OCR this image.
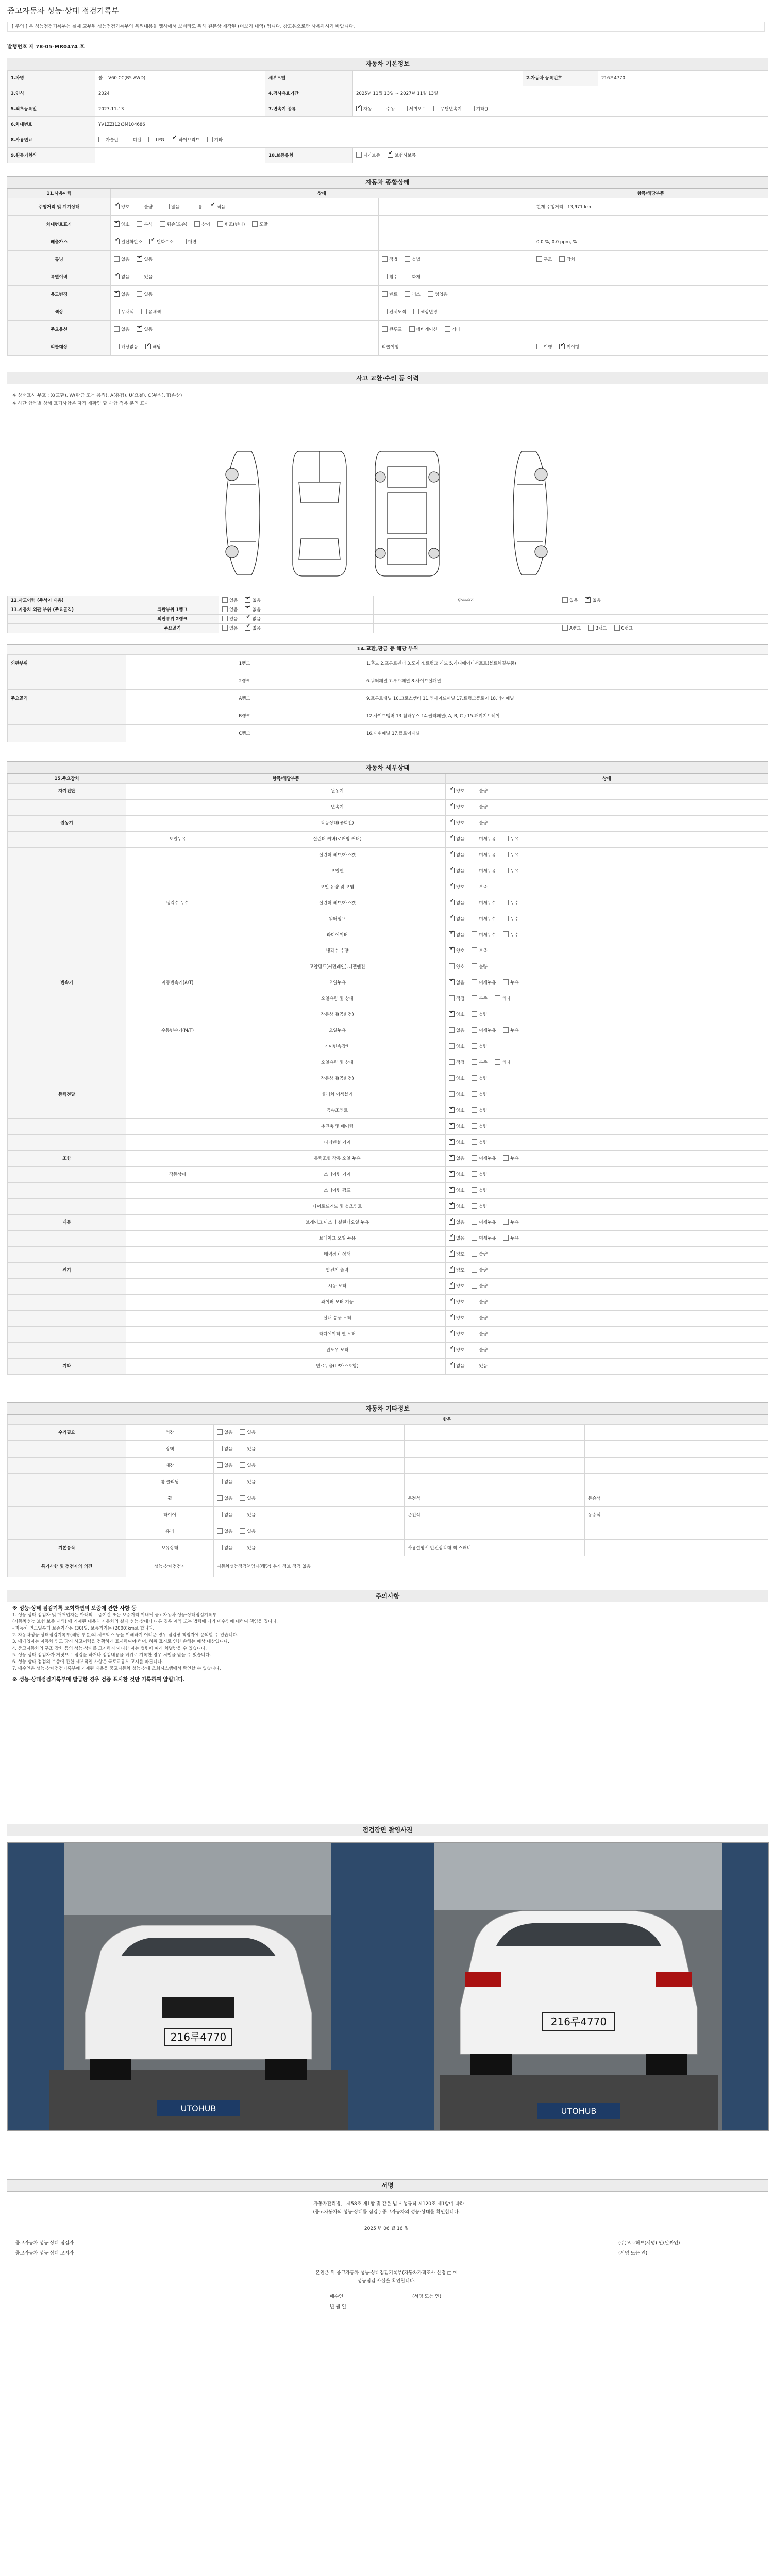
중고자동차 성능·상태 점검기록부
[ 주의 ] 본 성능점검기록부는 실제 교부된 성능점검기록부의 복원내용을 웹사에서 보더라도 위해 원본상 제작된 (더보기 내역) 입니다. 참고용으로만 사용하시기 바랍니다.
발행번호 제 78-05-MR0474 호
자동차 기본정보
1.차명	볼보 V60 CC(B5 AWD)	세부모델		2.자동차 등록번호	216루4770
3.연식	2024	4.검사유효기간	2025년 11월 13일 ~ 2027년 11월 13일		
5.최초등록일	2023-11-13	7.변속기 종류	✔자동 수동 세미오토 무단변속기 기타()
6.차대번호	YV1ZZ(12)3M104686				
8.사용연료	가솔린 디젤 LPG ✔ 하이브리드 기타
9.원동기형식		10.보증유형	자가보증 ✔ 보험사보증
자동차 종합상태
11.사용이력	상태		항목/해당부품
주행거리 및 계기상태	✔양호 불량 많음 보통 ✔ 적음		현재 주행거리 13,971 km
차대번호표기	✔양호 부식 훼손(오손) 상이 변조(변타) 도말		
배출가스	✔일산화탄소 ✔ 탄화수소 매연		0.0 %, 0.0 ppm, %
튜닝	없음 ✔ 있음	적법 불법	구조 장치
특별이력	✔없음 있음	침수 화재	
용도변경	✔없음 있음	렌트 리스 영업용	
색상	무채색 유채색	전체도색 색상변경	
주요옵션	없음 ✔ 있음	썬루프 네비게이션 기타	
리콜대상	해당없음 ✔ 해당	리콜이행	이행 ✔ 미이행
사고 교환·수리 등 이력
※ 상태표시 부호 : X(교환), W(판금 또는 용접), A(흠집), U(요철), C(부식), T(손상)
※ 하단 항목별 상세 표기사항은 자기 재확인 할 사항 적용 분인 표시
12.사고이력 (주석이 내용)		있음 ✔ 없음	단순수리	있음 ✔ 없음
13.자동차 외판 부위 (주요골격)	외판부위 1랭크	있음 ✔ 없음		
	외판부위 2랭크	있음 ✔ 없음		
	주요골격	있음 ✔ 없음		A랭크 B랭크 C랭크
14.교환,판금 등 해당 부위
외판부위	1랭크	1.후드 2.프론트펜더 3.도어 4.트렁크 리드 5.라디에이터서포트(볼트체결부품)
	2랭크	6.쿼터패널 7.루프패널 8.사이드실패널
주요골격	A랭크	9.프론트패널 10.크로스멤버 11.인사이드패널 17.트렁크플로어 18.리어패널
	B랭크	12.사이드멤버 13.휠하우스 14.필러패널( A, B, C ) 15.패키지트레이
	C랭크	16.대쉬패널 17.플로어패널
자동차 세부상태
15.주요장치	항목/해당부품		상태
자기진단		원동기	✔양호 불량
		변속기	✔양호 불량
원동기		작동상태(공회전)	✔양호 불량
	오일누유	실린더 커버(로커암 커버)	✔없음 미세누유 누유
		실린더 헤드/가스켓	✔없음 미세누유 누유
		오일팬	✔없음 미세누유 누유
		오일 유량 및 오염	✔양호 부족
	냉각수 누수	실린더 헤드/가스켓	✔없음 미세누수 누수
		워터펌프	✔없음 미세누수 누수
		라디에이터	✔없음 미세누수 누수
		냉각수 수량	✔양호 부족
		고압펌프(커먼레일)-디젤엔진	양호 불량
변속기	자동변속기(A/T)	오일누유	✔없음 미세누유 누유
		오일유량 및 상태	적정 부족 과다
		작동상태(공회전)	✔양호 불량
	수동변속기(M/T)	오일누유	없음 미세누유 누유
		기어변속장치	양호 불량
		오일유량 및 상태	적정 부족 과다
		작동상태(공회전)	양호 불량
동력전달		클러치 어셈블리	양호 불량
		등속조인트	✔양호 불량
		추진축 및 베어링	✔양호 불량
		디퍼렌셜 기어	✔양호 불량
조향		동력조향 작동 오일 누유	✔없음 미세누유 누유
	작동상태	스티어링 기어	✔양호 불량
		스티어링 펌프	✔양호 불량
		타이로드엔드 및 볼조인트	✔양호 불량
제동		브레이크 마스터 실린더오일 누유	✔없음 미세누유 누유
		브레이크 오일 누유	✔없음 미세누유 누유
		배력장치 상태	✔양호 불량
전기		발전기 출력	✔양호 불량
		시동 모터	✔양호 불량
		와이퍼 모터 기능	✔양호 불량
		실내 송풍 모터	✔양호 불량
		라디에이터 팬 모터	✔양호 불량
		윈도우 모터	✔양호 불량
기타		연료누출(LP가스포함)	✔없음 있음
자동차 기타정보
	항목			
수리필요	외장	없음 있음		
	광택	없음 있음		
	내장	없음 있음		
	룸 클리닝	없음 있음		
	휠	없음 있음	운전석	동승석
	타이어	없음 있음	운전석	동승석
	유리	없음 있음		
기본품목	보유상태	없음 있음	사용설명서 안전삼각대 잭 스패너	
특기사항 및 점검자의 의견	성능·상태점검자	자동차성능점검책임자(해당) 추가 정보 점검 없음		
주의사항

※ 성능·상태 점검기록 조회화면의 보증에 관한 사항 등

1. 성능·상태 점검자 및 매매업자는 아래의 보증기간 또는 보증거리 이내에 중고자동차 성능·상태점검기록부

(자동차성능 보험 보증 제외) 에 기재된 내용과 자동차의 실제 성능·상태가 다른 경우 계약 또는 법령에 따라 매수인에 대하여 책임을 집니다.

- 자동차 인도일부터 보증기간은 (30)일, 보증거리는 (2000)km로 합니다.

2. 자동차성능·상태점검기록부(해당 부분)의 체크박스 등을 이해하기 어려운 경우 점검장 책임자에 문의할 수 있습니다.

3. 매매업자는 자동차 인도 당시 사고이력을 정확하게 표시하여야 하며, 허위 표시로 인한 손해는 배상 대상입니다.

4. 중고자동차의 구조·장치 등의 성능·상태를 고지하지 아니한 자는 법령에 따라 처벌받을 수 있습니다.

5. 성능·상태 점검자가 거짓으로 점검을 하거나 점검내용을 허위로 기록한 경우 처벌을 받을 수 있습니다.

6. 성능·상태 점검의 보증에 관한 세부적인 사항은 국토교통부 고시를 따릅니다.

7. 매수인은 성능·상태점검기록부에 기재된 내용을 중고자동차 성능·상태 조회시스템에서 확인할 수 있습니다.

※ 성능·상태점검기록부에 발급한 경우 검증 표시한 것만 기록하여 알립니다.

점검장면 촬영사진
216루4770
UTOHUB
216루4770
UTOHUB
서명
「자동차관리법」 제58조 제1항 및 같은 법 시행규칙 제120조 제1항에 따라
(중고자동차의 성능·상태를 점검 ) 중고자동차의 성능·상태를 확인합니다.
2025 년 06 월 16 일
중고자동차 성능·상태 점검자	(주)오토허브(서명) 인(날짜인)
중고자동차 성능·상태 고지자	(서명 또는 인)
본인은 위 중고자동차 성능·상태점검기록부(자동차가격조사 산정 □ 예
성능점검 사실을 확인합니다.
매수인	(서명 또는 인)
년 월 일
